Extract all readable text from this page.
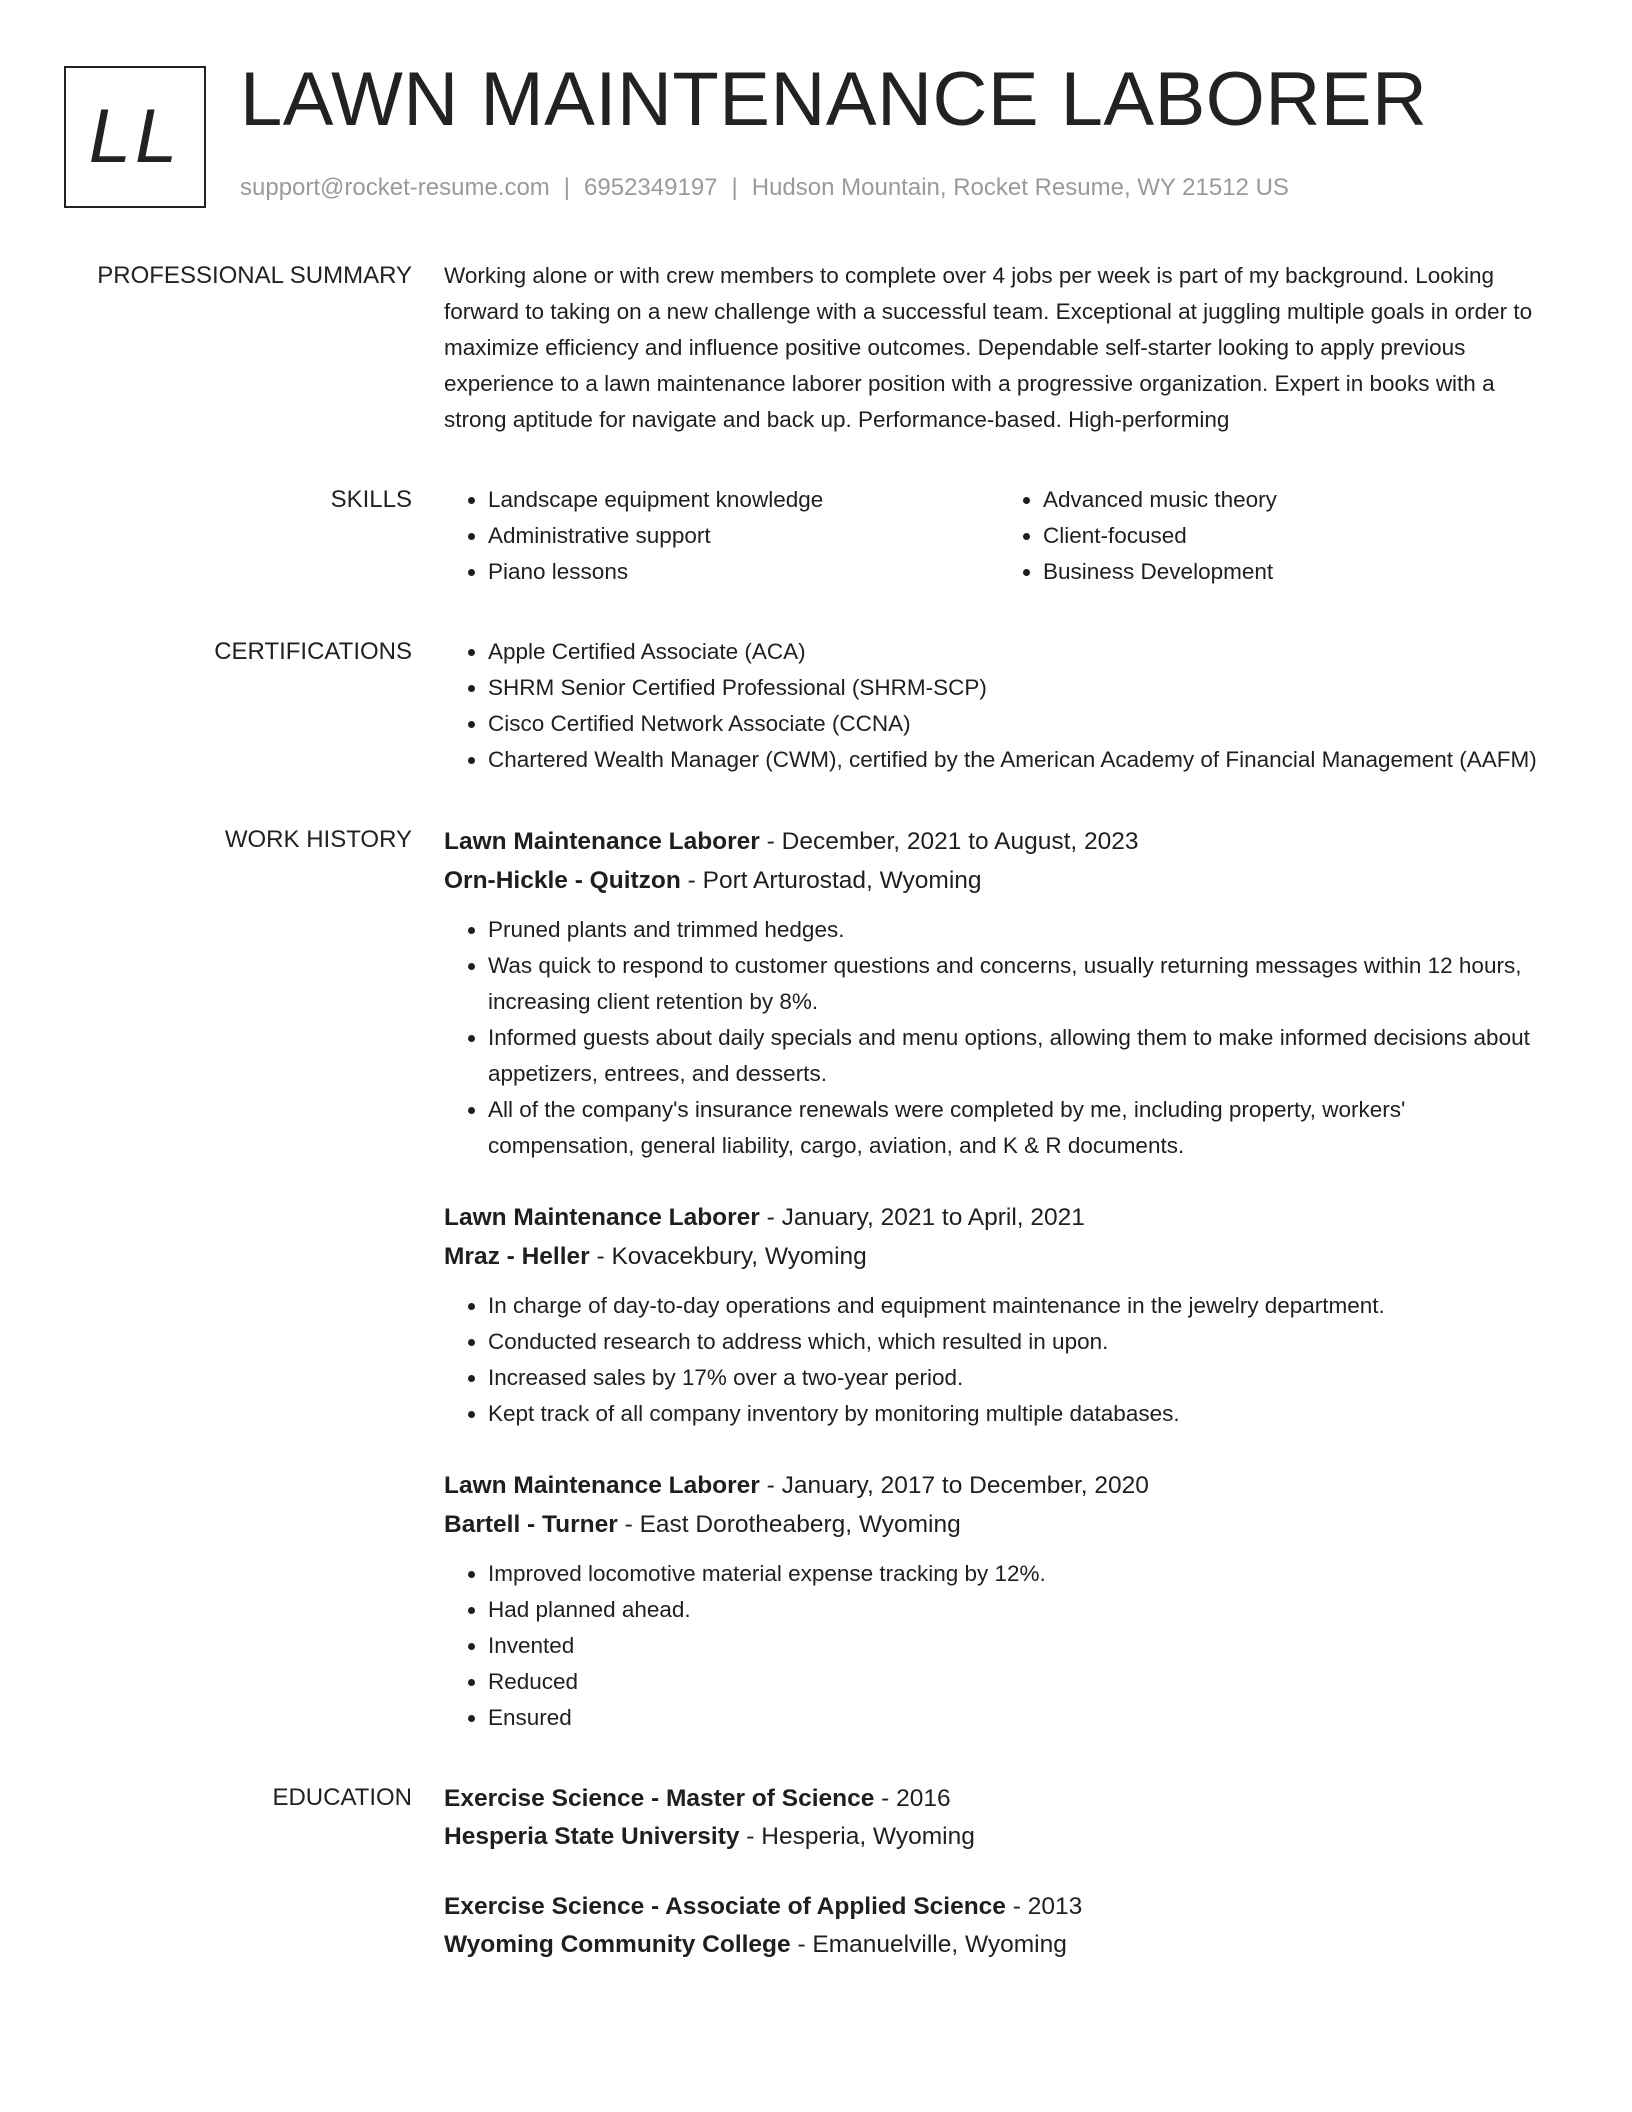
LL LAWN MAINTENANCE LABORER
support@rocket-resume.com | 6952349197 | Hudson Mountain, Rocket Resume, WY 21512 US
PROFESSIONAL SUMMARY Working alone or with crew members to complete over 4 jobs per week is part of my background. Looking forward to taking on a new challenge with a successful team. Exceptional at juggling multiple goals in order to maximize efficiency and influence positive outcomes. Dependable self-starter looking to apply previous experience to a lawn maintenance laborer position with a progressive organization. Expert in books with a strong aptitude for navigate and back up. Performance-based. High-performing
SKILLS	• Landscape equipment knowledge
• Administrative support
• Piano lessons
• Advanced music theory
• Client-focused
• Business Development
CERTIFICATIONS	• Apple Certified Associate (ACA)
• SHRM Senior Certified Professional (SHRM-SCP)
• Cisco Certified Network Associate (CCNA)
• Chartered Wealth Manager (CWM), certified by the American Academy of Financial Management (AAFM)
WORK HISTORY Lawn Maintenance Laborer - December, 2021 to August, 2023
Orn-Hickle - Quitzon - Port Arturostad, Wyoming
• Pruned plants and trimmed hedges.
• Was quick to respond to customer questions and concerns, usually returning messages within 12 hours, increasing client retention by 8%.
• Informed guests about daily specials and menu options, allowing them to make informed decisions about appetizers, entrees, and desserts.
• All of the company's insurance renewals were completed by me, including property, workers' compensation, general liability, cargo, aviation, and K & R documents.
Lawn Maintenance Laborer - January, 2021 to April, 2021
Mraz - Heller - Kovacekbury, Wyoming
• In charge of day-to-day operations and equipment maintenance in the jewelry department.
• Conducted research to address which, which resulted in upon.
• Increased sales by 17% over a two-year period.
• Kept track of all company inventory by monitoring multiple databases.
Lawn Maintenance Laborer - January, 2017 to December, 2020
Bartell - Turner - East Dorotheaberg, Wyoming
• Improved locomotive material expense tracking by 12%.
• Had planned ahead.
• Invented
• Reduced
• Ensured
EDUCATION Exercise Science - Master of Science - 2016
Hesperia State University - Hesperia, Wyoming
Exercise Science - Associate of Applied Science - 2013
Wyoming Community College - Emanuelville, Wyoming
